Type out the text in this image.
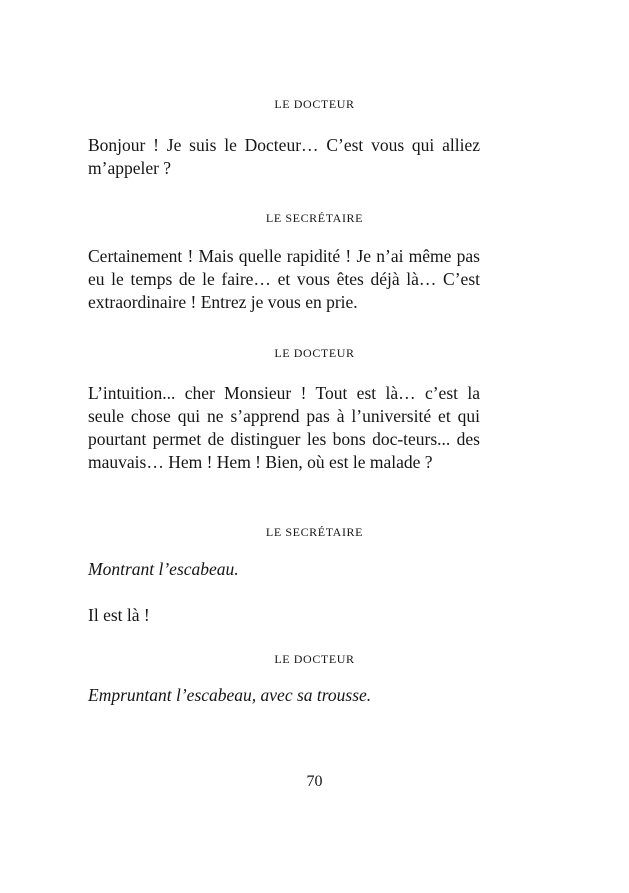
LE DOCTEUR

Bonjour ! Je suis le Docteur… C’est vous qui alliez m’appeler ?

LE SECRÉTAIRE

Certainement ! Mais quelle rapidité ! Je n’ai même pas eu le temps de le faire… et vous êtes déjà là… C’est extraordinaire ! Entrez je vous en prie.

LE DOCTEUR

L’intuition... cher Monsieur ! Tout est là… c’est la seule chose qui ne s’apprend pas à l’université et qui pourtant permet de distinguer les bons doc-teurs... des mauvais… Hem ! Hem ! Bien, où est le malade ?

LE SECRÉTAIRE

Montrant l’escabeau.

Il est là !

LE DOCTEUR

Empruntant l’escabeau, avec sa trousse.

70
